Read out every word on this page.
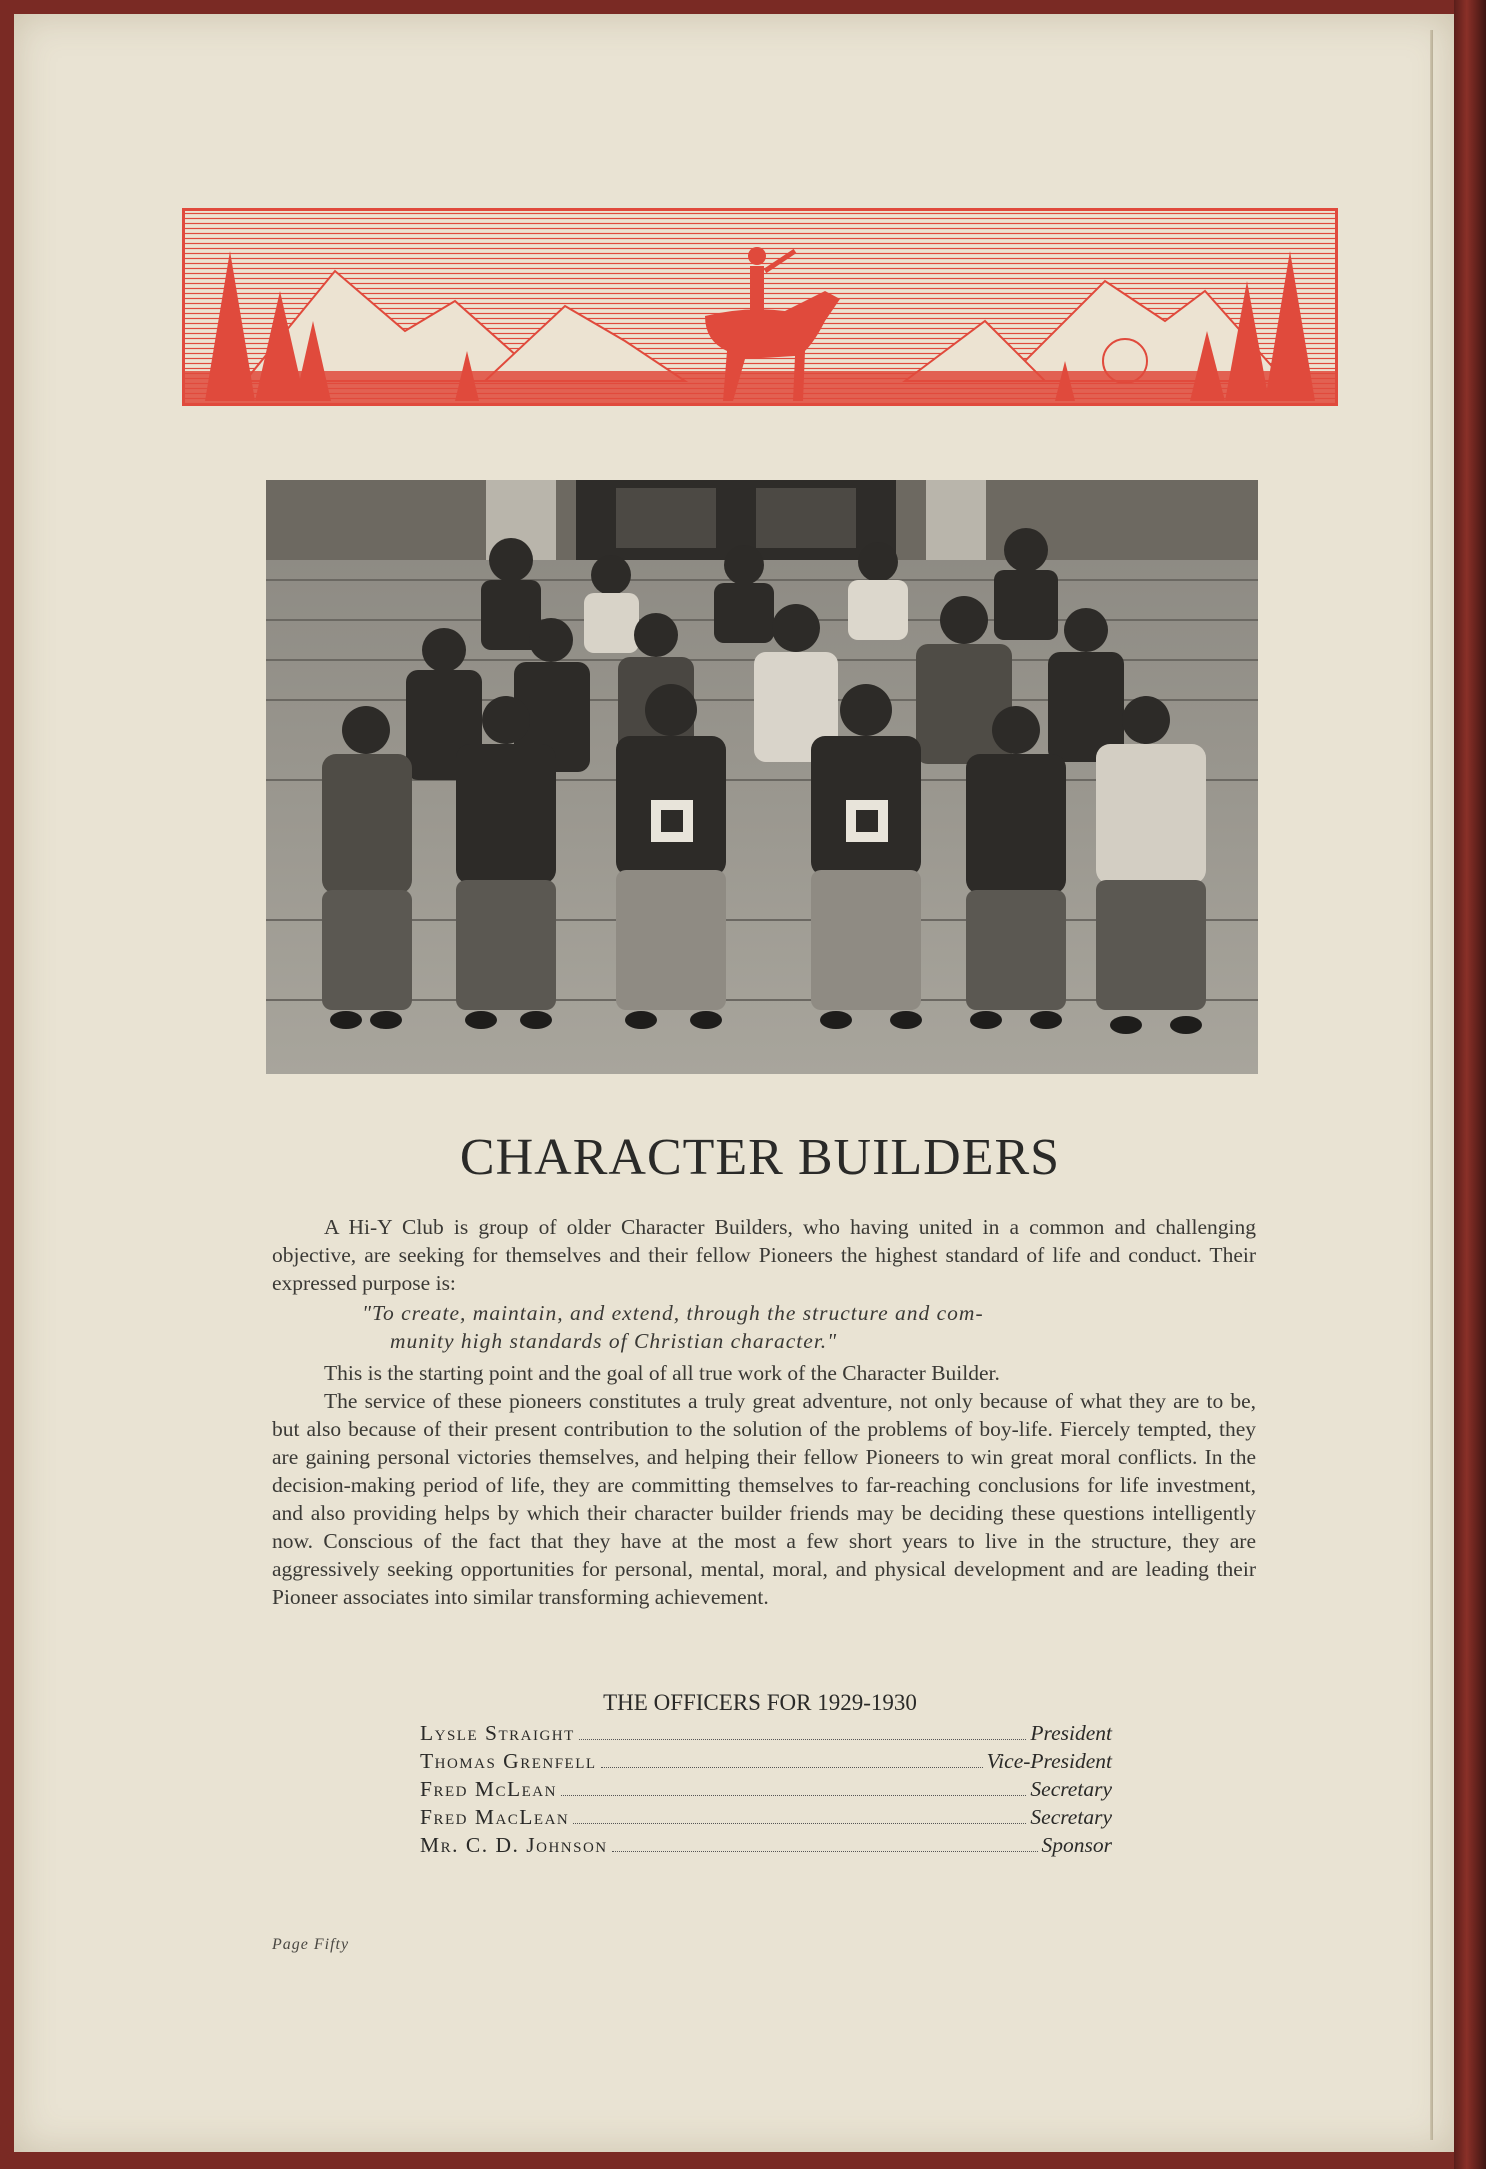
CHARACTER BUILDERS

A Hi-Y Club is group of older Character Builders, who having united in a common and challenging objective, are seeking for themselves and their fellow Pioneers the highest standard of life and conduct. Their expressed purpose is:

"To create, maintain, and extend, through the structure and com-
munity high standards of Christian character."

This is the starting point and the goal of all true work of the Character Builder.

The service of these pioneers constitutes a truly great adventure, not only because of what they are to be, but also because of their present contribution to the solution of the problems of boy-life. Fiercely tempted, they are gaining personal victories themselves, and helping their fellow Pioneers to win great moral conflicts. In the decision-making period of life, they are committing themselves to far-reaching conclusions for life investment, and also providing helps by which their character builder friends may be deciding these questions intelligently now. Conscious of the fact that they have at the most a few short years to live in the structure, they are aggressively seeking opportunities for personal, mental, moral, and physical development and are leading their Pioneer associates into similar transforming achievement.

THE OFFICERS FOR 1929-1930
Lysle Straight	President
Thomas Grenfell	Vice-President
Fred McLean	Secretary
Fred MacLean	Secretary
Mr. C. D. Johnson	Sponsor
Page Fifty
